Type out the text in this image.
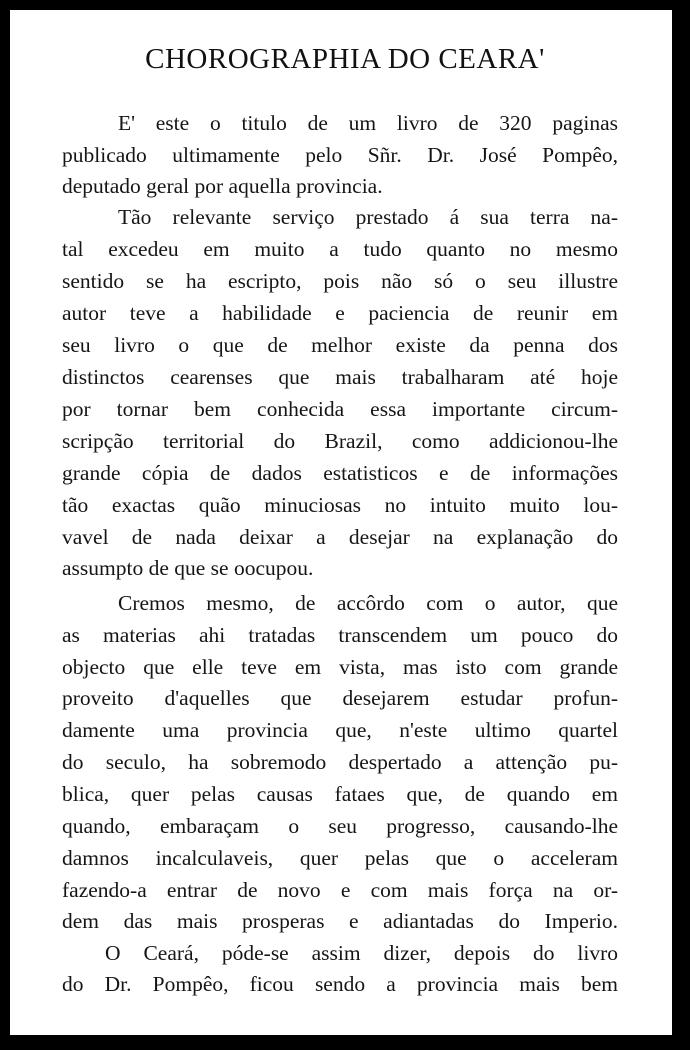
CHOROGRAPHIA DO CEARA'
E' este o titulo de um livro de 320 paginas
publicado ultimamente pelo Sñr. Dr. José Pompêo,
deputado geral por aquella provincia.
Tão relevante serviço prestado á sua terra na-
tal excedeu em muito a tudo quanto no mesmo
sentido se ha escripto, pois não só o seu illustre
autor teve a habilidade e paciencia de reunir em
seu livro o que de melhor existe da penna dos
distinctos cearenses que mais trabalharam até hoje
por tornar bem conhecida essa importante circum-
scripção territorial do Brazil, como addicionou-lhe
grande cópia de dados estatisticos e de informações
tão exactas quão minuciosas no intuito muito lou-
vavel de nada deixar a desejar na explanação do
assumpto de que se oocupou.
Cremos mesmo, de accôrdo com o autor, que
as materias ahi tratadas transcendem um pouco do
objecto que elle teve em vista, mas isto com grande
proveito d'aquelles que desejarem estudar profun-
damente uma provincia que, n'este ultimo quartel
do seculo, ha sobremodo despertado a attenção pu-
blica, quer pelas causas fataes que, de quando em
quando, embaraçam o seu progresso, causando-lhe
damnos incalculaveis, quer pelas que o acceleram
fazendo-a entrar de novo e com mais força na or-
dem das mais prosperas e adiantadas do Imperio.
O Ceará, póde-se assim dizer, depois do livro
do Dr. Pompêo, ficou sendo a provincia mais bem
